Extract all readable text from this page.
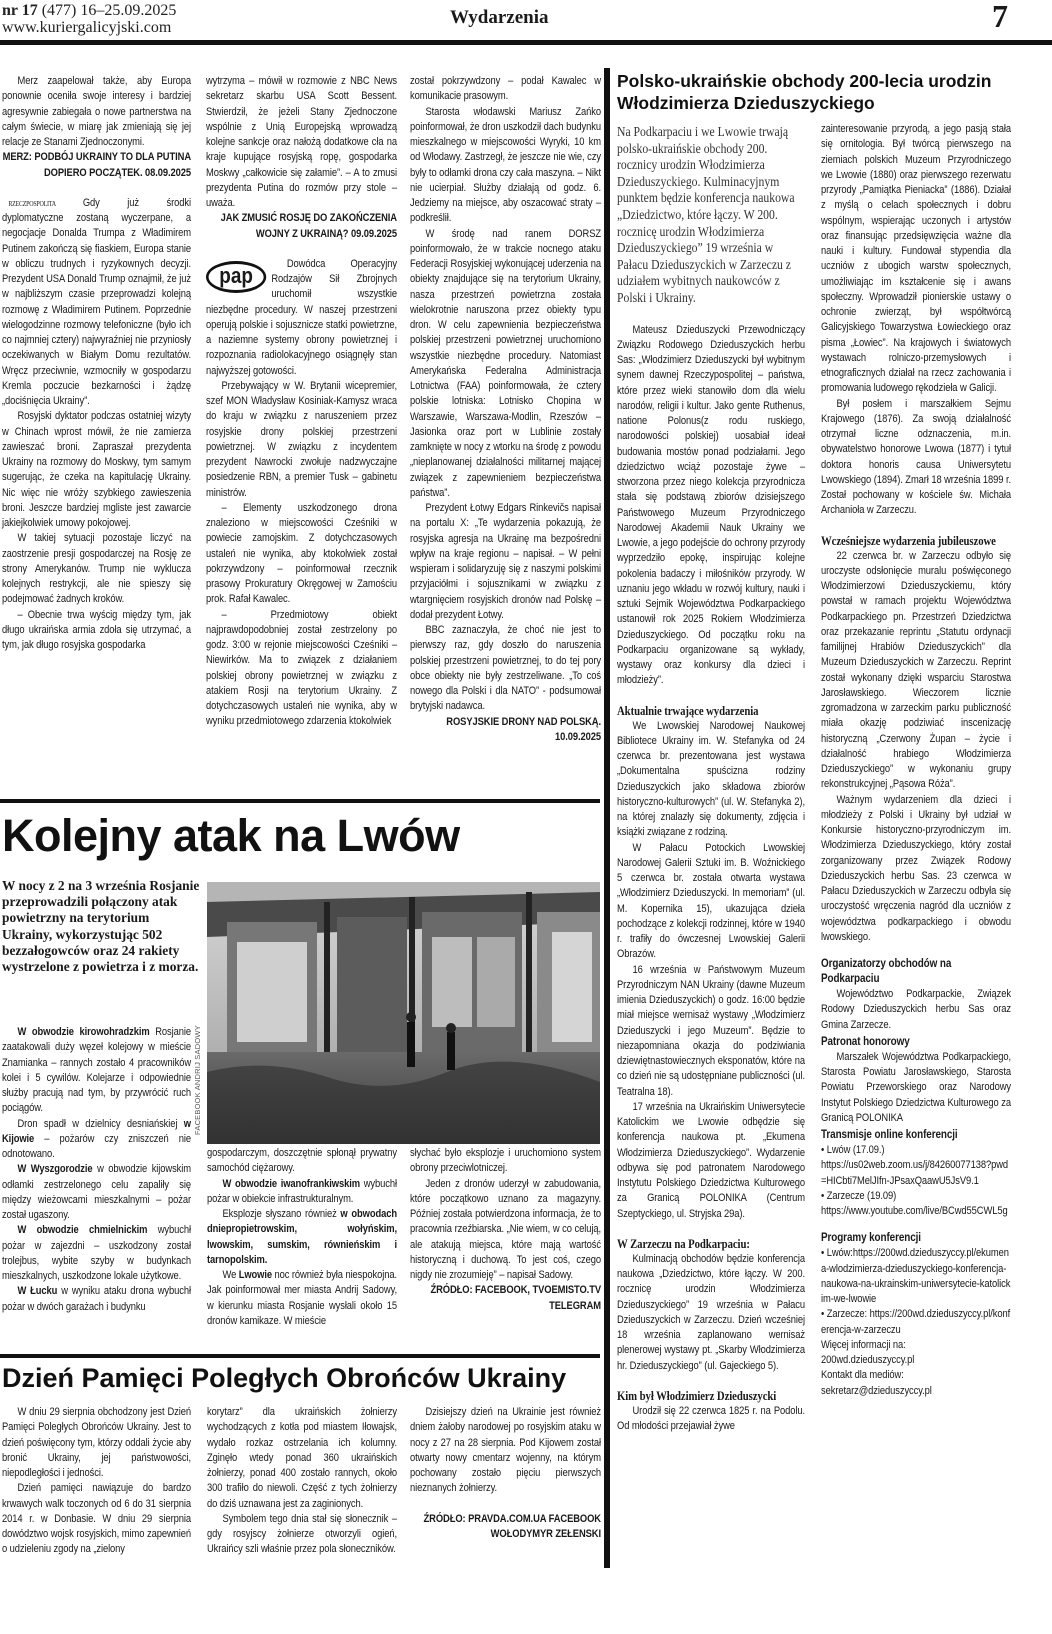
nr 17 (477) 16–25.09.2025
www.kuriergalicyjski.com	Wydarzenia	7

Merz zaapelował także, aby Europa ponownie oceniła swoje interesy i bardziej agresywnie zabiegała o nowe partnerstwa na całym świecie, w miarę jak zmieniają się jej relacje ze Stanami Zjednoczonymi.

MERZ: PODBÓJ UKRAINY TO DLA PUTINA DOPIERO POCZĄTEK. 08.09.2025
RZECZPOSPOLITA	Gdy już środki dyplomatyczne zostaną wyczerpane, a negocjacje Donalda Trumpa z Władimirem Putinem zakończą się fiaskiem, Europa stanie w obliczu trudnych i ryzykownych decyzji. Prezydent USA Donald Trump oznajmił, że już w najbliższym czasie przeprowadzi kolejną rozmowę z Władimirem Putinem. Poprzednie wielogodzinne rozmowy telefoniczne (było ich co najmniej cztery) najwyraźniej nie przyniosły oczekiwanych w Białym Domu rezultatów. Wręcz przeciwnie, wzmocniły w gospodarzu Kremla poczucie bezkarności i żądzę „dociśnięcia Ukrainy”.

Rosyjski dyktator podczas ostatniej wizyty w Chinach wprost mówił, że nie zamierza zawieszać broni. Zapraszał prezydenta Ukrainy na rozmowy do Moskwy, tym samym sugerując, że czeka na kapitulację Ukrainy. Nic więc nie wróży szybkiego zawieszenia broni. Jeszcze bardziej mgliste jest zawarcie jakiejkolwiek umowy pokojowej.

W takiej sytuacji pozostaje liczyć na zaostrzenie presji gospodarczej na Rosję ze strony Amerykanów. Trump nie wyklucza kolejnych restrykcji, ale nie spieszy się podejmować żadnych kroków.

– Obecnie trwa wyścig między tym, jak długo ukraińska armia zdoła się utrzymać, a tym, jak długo rosyjska gospodarka

wytrzyma – mówił w rozmowie z NBC News sekretarz skarbu USA Scott Bessent. Stwierdził, że jeżeli Stany Zjednoczone wspólnie z Unią Europejską wprowadzą kolejne sankcje oraz nałożą dodatkowe cła na kraje kupujące rosyjską ropę, gospodarka Moskwy „całkowicie się załamie”. – A to zmusi prezydenta Putina do rozmów przy stole – uważa.

JAK ZMUSIĆ ROSJĘ DO ZAKOŃCZENIA WOJNY Z UKRAINĄ? 09.09.2025
pap	Dowódca Operacyjny Rodzajów Sił Zbrojnych uruchomił wszystkie niezbędne procedury. W naszej przestrzeni operują polskie i sojusznicze statki powietrzne, a naziemne systemy obrony powietrznej i rozpoznania radiolokacyjnego osiągnęły stan najwyższej gotowości.

Przebywający w W. Brytanii wicepremier, szef MON Władysław Kosiniak-Kamysz wraca do kraju w związku z naruszeniem przez rosyjskie drony polskiej przestrzeni powietrznej. W związku z incydentem prezydent Nawrocki zwołuje nadzwyczajne posiedzenie RBN, a premier Tusk – gabinetu ministrów.

– Elementy uszkodzonego drona znaleziono w miejscowości Cześniki w powiecie zamojskim. Z dotychczasowych ustaleń nie wynika, aby ktokolwiek został pokrzywdzony – poinformował rzecznik prasowy Prokuratury Okręgowej w Zamościu prok. Rafał Kawalec.

– Przedmiotowy obiekt najprawdopodobniej został zestrzelony po godz. 3:00 w rejonie miejscowości Cześniki – Niewirków. Ma to związek z działaniem polskiej obrony powietrznej w związku z atakiem Rosji na terytorium Ukrainy. Z dotychczasowych ustaleń nie wynika, aby w wyniku przedmiotowego zdarzenia ktokolwiek

został pokrzywdzony – podał Kawalec w komunikacie prasowym.

Starosta włodawski Mariusz Zańko poinformował, że dron uszkodził dach budynku mieszkalnego w miejscowości Wyryki, 10 km od Włodawy. Zastrzegł, że jeszcze nie wie, czy były to odłamki drona czy cała maszyna. – Nikt nie ucierpiał. Służby działają od godz. 6. Jedziemy na miejsce, aby oszacować straty – podkreślił.

W środę nad ranem DORSZ poinformowało, że w trakcie nocnego ataku Federacji Rosyjskiej wykonującej uderzenia na obiekty znajdujące się na terytorium Ukrainy, nasza przestrzeń powietrzna została wielokrotnie naruszona przez obiekty typu dron. W celu zapewnienia bezpieczeństwa polskiej przestrzeni powietrznej uruchomiono wszystkie niezbędne procedury. Natomiast Amerykańska Federalna Administracja Lotnictwa (FAA) poinformowała, że cztery polskie lotniska: Lotnisko Chopina w Warszawie, Warszawa-Modlin, Rzeszów – Jasionka oraz port w Lublinie zostały zamknięte w nocy z wtorku na środę z powodu „nieplanowanej działalności militarnej mającej związek z zapewnieniem bezpieczeństwa państwa”.

Prezydent Łotwy Edgars Rinkevičs napisał na portalu X: „Te wydarzenia pokazują, że rosyjska agresja na Ukrainę ma bezpośredni wpływ na kraje regionu – napisał. – W pełni wspieram i solidaryzuję się z naszymi polskimi przyjaciółmi i sojusznikami w związku z wtargnięciem rosyjskich dronów nad Polskę – dodał prezydent Łotwy.

BBC zaznaczyła, że choć nie jest to pierwszy raz, gdy doszło do naruszenia polskiej przestrzeni powietrznej, to do tej pory obce obiekty nie były zestrzeliwane. „To coś nowego dla Polski i dla NATO” - podsumował brytyjski nadawca.

ROSYJSKIE DRONY NAD POLSKĄ. 10.09.2025
Polsko-ukraińskie obchody 200-lecia urodzin Włodzimierza Dzieduszyckiego

Na Podkarpaciu i we Lwowie trwają polsko-ukraińskie obchody 200. rocznicy urodzin Włodzimierza Dzieduszyckiego. Kulminacyjnym punktem będzie konferencja naukowa „Dziedzictwo, które łączy. W 200. rocznicę urodzin Włodzimierza Dzieduszyckiego” 19 września w Pałacu Dzieduszyckich w Zarzeczu z udziałem wybitnych naukowców z Polski i Ukrainy.

Mateusz Dzieduszycki Przewodniczący Związku Rodowego Dzieduszyckich herbu Sas: „Włodzimierz Dzieduszycki był wybitnym synem dawnej Rzeczypospolitej – państwa, które przez wieki stanowiło dom dla wielu narodów, religii i kultur. Jako gente Ruthenus, natione Polonus(z rodu ruskiego, narodowości polskiej) uosabiał ideał budowania mostów ponad podziałami. Jego dziedzictwo wciąż pozostaje żywe – stworzona przez niego kolekcja przyrodnicza stała się podstawą zbiorów dzisiejszego Państwowego Muzeum Przyrodniczego Narodowej Akademii Nauk Ukrainy we Lwowie, a jego podejście do ochrony przyrody wyprzedziło epokę, inspirując kolejne pokolenia badaczy i miłośników przyrody. W uznaniu jego wkładu w rozwój kultury, nauki i sztuki Sejmik Województwa Podkarpackiego ustanowił rok 2025 Rokiem Włodzimierza Dzieduszyckiego. Od początku roku na Podkarpaciu organizowane są wykłady, wystawy oraz konkursy dla dzieci i młodzieży”.

Aktualnie trwające wydarzenia

We Lwowskiej Narodowej Naukowej Bibliotece Ukrainy im. W. Stefanyka od 24 czerwca br. prezentowana jest wystawa „Dokumentalna spuścizna rodziny Dzieduszyckich jako składowa zbiorów historyczno-kulturowych” (ul. W. Stefanyka 2), na której znalazły się dokumenty, zdjęcia i książki związane z rodziną.

W Pałacu Potockich Lwowskiej Narodowej Galerii Sztuki im. B. Woźnickiego 5 czerwca br. została otwarta wystawa „Włodzimierz Dzieduszycki. In memoriam” (ul. M. Kopernika 15), ukazująca dzieła pochodzące z kolekcji rodzinnej, które w 1940 r. trafiły do ówczesnej Lwowskiej Galerii Obrazów.

16 września w Państwowym Muzeum Przyrodniczym NAN Ukrainy (dawne Muzeum imienia Dzieduszyckich) o godz. 16:00 będzie miał miejsce wernisaż wystawy „Włodzimierz Dzieduszycki i jego Muzeum”. Będzie to niezapomniana okazja do podziwiania dziewiętnastowiecznych eksponatów, które na co dzień nie są udostępniane publiczności (ul. Teatralna 18).

17 września na Ukraińskim Uniwersytecie Katolickim we Lwowie odbędzie się konferencja naukowa pt. „Ekumena Włodzimierza Dzieduszyckiego”. Wydarzenie odbywa się pod patronatem Narodowego Instytutu Polskiego Dziedzictwa Kulturowego za Granicą POLONIKA (Centrum Szeptyckiego, ul. Stryjska 29a).

W Zarzeczu na Podkarpaciu:

Kulminacją obchodów będzie konferencja naukowa „Dziedzictwo, które łączy. W 200. rocznicę urodzin Włodzimierza Dzieduszyckiego” 19 września w Pałacu Dzieduszyckich w Zarzeczu. Dzień wcześniej 18 września zaplanowano wernisaż plenerowej wystawy pt. „Skarby Włodzimierza hr. Dzieduszyckiego” (ul. Gajeckiego 5).

Kim był Włodzimierz Dzieduszycki

Urodził się 22 czerwca 1825 r. na Podolu. Od młodości przejawiał żywe

zainteresowanie przyrodą, a jego pasją stała się ornitologia. Był twórcą pierwszego na ziemiach polskich Muzeum Przyrodniczego we Lwowie (1880) oraz pierwszego rezerwatu przyrody „Pamiątka Pieniacka” (1886). Działał z myślą o celach społecznych i dobru wspólnym, wspierając uczonych i artystów oraz finansując przedsięwzięcia ważne dla nauki i kultury. Fundował stypendia dla uczniów z ubogich warstw społecznych, umożliwiając im kształcenie się i awans społeczny. Wprowadził pionierskie ustawy o ochronie zwierząt, był współtwórcą Galicyjskiego Towarzystwa Łowieckiego oraz pisma „Łowiec”. Na krajowych i światowych wystawach rolniczo-przemysłowych i etnograficznych działał na rzecz zachowania i promowania ludowego rękodzieła w Galicji.

Był posłem i marszałkiem Sejmu Krajowego (1876). Za swoją działalność otrzymał liczne odznaczenia, m.in. obywatelstwo honorowe Lwowa (1877) i tytuł doktora honoris causa Uniwersytetu Lwowskiego (1894). Zmarł 18 września 1899 r. Został pochowany w kościele św. Michała Archanioła w Zarzeczu.

Wcześniejsze wydarzenia jubileuszowe

22 czerwca br. w Zarzeczu odbyło się uroczyste odsłonięcie muralu poświęconego Włodzimierzowi Dzieduszyckiemu, który powstał w ramach projektu Województwa Podkarpackiego pn. Przestrzeń Dziedzictwa oraz przekazanie reprintu „Statutu ordynacji familijnej Hrabiów Dzieduszyckich” dla Muzeum Dzieduszyckich w Zarzeczu. Reprint został wykonany dzięki wsparciu Starostwa Jarosławskiego. Wieczorem licznie zgromadzona w zarzeckim parku publiczność miała okazję podziwiać inscenizację historyczną „Czerwony Żupan – życie i działalność hrabiego Włodzimierza Dzieduszyckiego” w wykonaniu grupy rekonstrukcyjnej „Pąsowa Róża”.

Ważnym wydarzeniem dla dzieci i młodzieży z Polski i Ukrainy był udział w Konkursie historyczno-przyrodniczym im. Włodzimierza Dzieduszyckiego, który został zorganizowany przez Związek Rodowy Dzieduszyckich herbu Sas. 23 czerwca w Pałacu Dzieduszyckich w Zarzeczu odbyła się uroczystość wręczenia nagród dla uczniów z województwa podkarpackiego i obwodu lwowskiego.

Organizatorzy obchodów na Podkarpaciu

Województwo Podkarpackie, Związek Rodowy Dzieduszyckich herbu Sas oraz Gmina Zarzecze.

Patronat honorowy

Marszałek Województwa Podkarpackiego, Starosta Powiatu Jarosławskiego, Starosta Powiatu Przeworskiego oraz Narodowy Instytut Polskiego Dziedzictwa Kulturowego za Granicą POLONIKA

Transmisje online konferencji
• Lwów (17.09.)
https://us02web.zoom.us/j/84260077138?pwd=HICbti7MelJIfn-JPsaxQaawU5JsV9.1
• Zarzecze (19.09)
https://www.youtube.com/live/BCwd55CWL5g
Programy konferencji
• Lwów:https://200wd.dzieduszyccy.pl/ekumena-wlodzimierza-dzieduszyckiego-konferencja-naukowa-na-ukrainskim-uniwersytecie-katolickim-we-lwowie
• Zarzecze: https://200wd.dzieduszyccy.pl/konferencja-w-zarzeczu
Więcej informacji na:
200wd.dzieduszyccy.pl
Kontakt dla mediów:
sekretarz@dzieduszyccy.pl
Kolejny atak na Lwów
W nocy z 2 na 3 września Rosjanie przeprowadzili połączony atak powietrzny na terytorium Ukrainy, wykorzystując 502 bezzałogowców oraz 24 rakiety wystrzelone z powietrza i z morza.
FACEBOOK ANDRIJ SADOWY

W obwodzie kirowohradzkim Rosjanie zaatakowali duży węzeł kolejowy w mieście Znamianka – rannych zostało 4 pracowników kolei i 5 cywilów. Kolejarze i odpowiednie służby pracują nad tym, by przywrócić ruch pociągów.

Dron spadł w dzielnicy desniańskiej w Kijowie – pożarów czy zniszczeń nie odnotowano.

W Wyszgorodzie w obwodzie kijowskim odłamki zestrzelonego celu zapaliły się między wieżowcami mieszkalnymi – pożar został ugaszony.

W obwodzie chmielnickim wybuchł pożar w zajezdni – uszkodzony został trolejbus, wybite szyby w budynkach mieszkalnych, uszkodzone lokale użytkowe.

W Łucku w wyniku ataku drona wybuchł pożar w dwóch garażach i budynku

gospodarczym, doszczętnie spłonął prywatny samochód ciężarowy.

W obwodzie iwanofrankiwskim wybuchł pożar w obiekcie infrastrukturalnym.

Eksplozje słyszano również w obwodach dniepropietrowskim, wołyńskim, lwowskim, sumskim, równieńskim i tarnopolskim.

We Lwowie noc również była niespokojna. Jak poinformował mer miasta Andrij Sadowy, w kierunku miasta Rosjanie wysłali około 15 dronów kamikaze. W mieście

słychać było eksplozje i uruchomiono system obrony przeciwlotniczej.

Jeden z dronów uderzył w zabudowania, które początkowo uznano za magazyny. Później została potwierdzona informacja, że to pracownia rzeźbiarska. „Nie wiem, w co celują, ale atakują miejsca, które mają wartość historyczną i duchową. To jest coś, czego nigdy nie zrozumieję” – napisał Sadowy.

ŹRÓDŁO: FACEBOOK, TVOEMISTO.TV TELEGRAM
Dzień Pamięci Poległych Obrońców Ukrainy

W dniu 29 sierpnia obchodzony jest Dzień Pamięci Poległych Obrońców Ukrainy. Jest to dzień poświęcony tym, którzy oddali życie aby bronić Ukrainy, jej państwowości, niepodległości i jedności.

Dzień pamięci nawiązuje do bardzo krwawych walk toczonych od 6 do 31 sierpnia 2014 r. w Donbasie. W dniu 29 sierpnia dowództwo wojsk rosyjskich, mimo zapewnień o udzieleniu zgody na „zielony

korytarz” dla ukraińskich żołnierzy wychodzących z kotła pod miastem Iłowajsk, wydało rozkaz ostrzelania ich kolumny. Zginęło wtedy ponad 360 ukraińskich żołnierzy, ponad 400 zostało rannych, około 300 trafiło do niewoli. Część z tych żołnierzy do dziś uznawana jest za zaginionych.

Symbolem tego dnia stał się słonecznik – gdy rosyjscy żołnierze otworzyli ogień, Ukraińcy szli właśnie przez pola słoneczników.

Dzisiejszy dzień na Ukrainie jest również dniem żałoby narodowej po rosyjskim ataku w nocy z 27 na 28 sierpnia. Pod Kijowem został otwarty nowy cmentarz wojenny, na którym pochowany zostało pięciu pierwszych nieznanych żołnierzy.

ŹRÓDŁO: PRAVDA.COM.UA FACEBOOK WOŁODYMYR ZEŁENSKI
